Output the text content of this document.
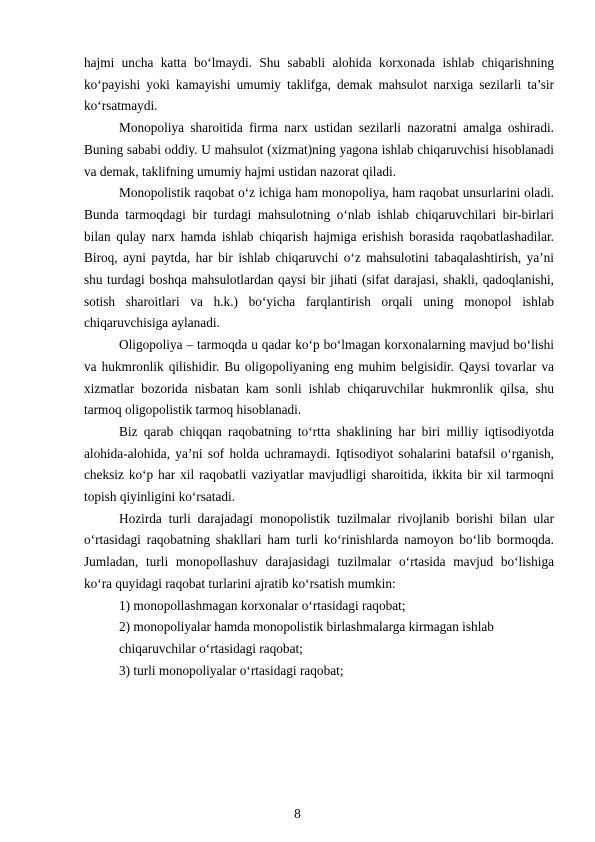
hajmi uncha katta bo‘lmaydi. Shu sababli alohida korxonada ishlab chiqarishning ko‘payishi yoki kamayishi umumiy taklifga, demak mahsulot narxiga sezilarli ta’sir ko‘rsatmaydi.

Monopoliya sharoitida firma narx ustidan sezilarli nazoratni amalga oshiradi. Buning sababi oddiy. U mahsulot (xizmat)ning yagona ishlab chiqaruvchisi hisoblanadi va demak, taklifning umumiy hajmi ustidan nazorat qiladi.

Monopolistik raqobat o‘z ichiga ham monopoliya, ham raqobat unsurlarini oladi. Bunda tarmoqdagi bir turdagi mahsulotning o‘nlab ishlab chiqaruvchilari bir-birlari bilan qulay narx hamda ishlab chiqarish hajmiga erishish borasida raqobatlashadilar. Biroq, ayni paytda, har bir ishlab chiqaruvchi o‘z mahsulotini tabaqalashtirish, ya’ni shu turdagi boshqa mahsulotlardan qaysi bir jihati (sifat darajasi, shakli, qadoqlanishi, sotish sharoitlari va h.k.) bo‘yicha farqlantirish orqali uning monopol ishlab chiqaruvchisiga aylanadi.

Oligopoliya – tarmoqda u qadar ko‘p bo‘lmagan korxonalarning mavjud bo‘lishi va hukmronlik qilishidir. Bu oligopoliyaning eng muhim belgisidir. Qaysi tovarlar va xizmatlar bozorida nisbatan kam sonli ishlab chiqaruvchilar hukmronlik qilsa, shu tarmoq oligopolistik tarmoq hisoblanadi.

Biz qarab chiqqan raqobatning to‘rtta shaklining har biri milliy iqtisodiyotda alohida-alohida, ya’ni sof holda uchramaydi. Iqtisodiyot sohalarini batafsil o‘rganish, cheksiz ko‘p har xil raqobatli vaziyatlar mavjudligi sharoitida, ikkita bir xil tarmoqni topish qiyinligini ko‘rsatadi.

Hozirda turli darajadagi monopolistik tuzilmalar rivojlanib borishi bilan ular o‘rtasidagi raqobatning shakllari ham turli ko‘rinishlarda namoyon bo‘lib bormoqda. Jumladan, turli monopollashuv darajasidagi tuzilmalar o‘rtasida mavjud bo‘lishiga ko‘ra quyidagi raqobat turlarini ajratib ko‘rsatish mumkin:

1) monopollashmagan korxonalar o‘rtasidagi raqobat;

2) monopoliyalar hamda monopolistik birlashmalarga kirmagan ishlab

chiqaruvchilar o‘rtasidagi raqobat;

3) turli monopoliyalar o‘rtasidagi raqobat;

8
